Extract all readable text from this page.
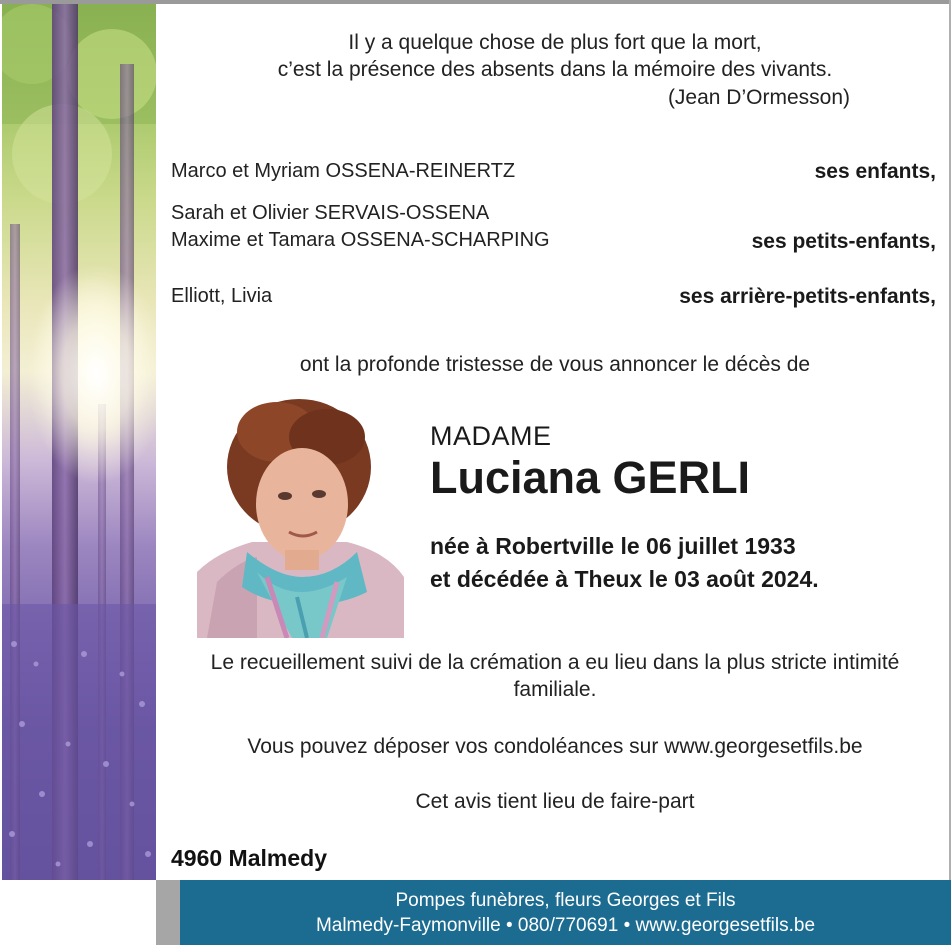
Il y a quelque chose de plus fort que la mort,
c’est la présence des absents dans la mémoire des vivants.
(Jean D’Ormesson)
Marco et Myriam OSSENA-REINERTZ	ses enfants,
Sarah et Olivier SERVAIS-OSSENA
Maxime et Tamara OSSENA-SCHARPING	ses petits-enfants,
Elliott, Livia	ses arrière-petits-enfants,
ont la profonde tristesse de vous annoncer le décès de
MADAME
Luciana GERLI
née à Robertville le 06 juillet 1933
et décédée à Theux le 03 août 2024.
Le recueillement suivi de la crémation a eu lieu dans la plus stricte intimité
familiale.
Vous pouvez déposer vos condoléances sur www.georgesetfils.be
Cet avis tient lieu de faire-part
4960 Malmedy
Pompes funèbres, fleurs Georges et Fils
Malmedy-Faymonville • 080/770691 • www.georgesetfils.be
